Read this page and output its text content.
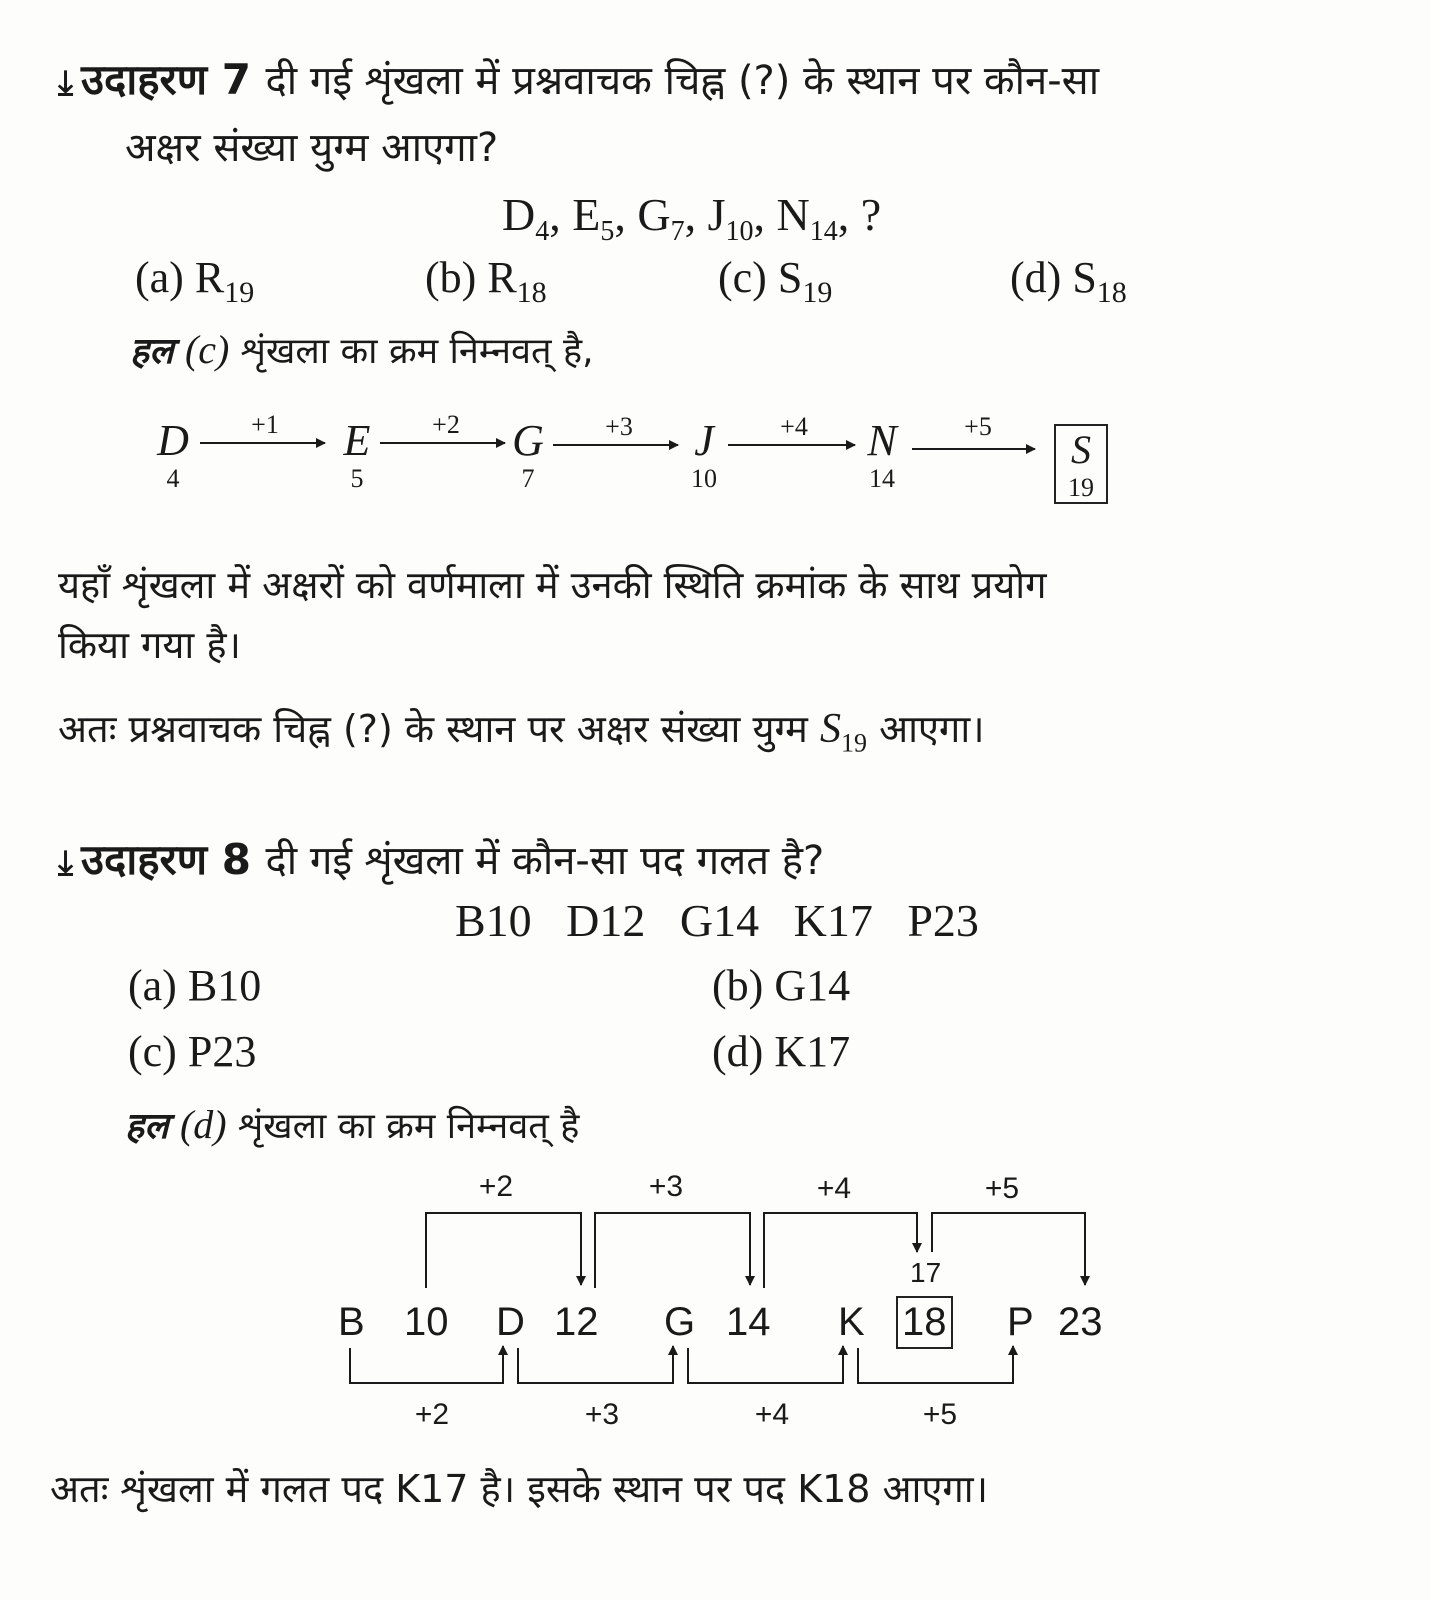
⤓ उदाहरण 7 दी गई शृंखला में प्रश्नवाचक चिह्न (?) के स्थान पर कौन-सा
अक्षर संख्या युग्म आएगा?
$D_4$, $E_5$, $G_7$, $J_{10}$, $N_{14}$, ?
(a) $R_{19}$	(b) $R_{18}$	(c) $S_{19}$	(d) $S_{18}$
हल (c) शृंखला का क्रम निम्नवत् है,
D
4
E
5
G
7
J
10
N
14
S
19
+1	+2	+3	+4	+5
यहाँ शृंखला में अक्षरों को वर्णमाला में उनकी स्थिति क्रमांक के साथ प्रयोग
किया गया है।
अतः प्रश्नवाचक चिह्न (?) के स्थान पर अक्षर संख्या युग्म $S_{19}$ आएगा।
⤓ उदाहरण 8 दी गई शृंखला में कौन-सा पद गलत है?
B10   D12   G14   K17   P23
(a) B10	(b) G14
(c) P23	(d) K17
हल (d) शृंखला का क्रम निम्नवत् है
B 10 D 12 G 14 K 18 P 23
17
+2	+3	+4	+5
+2	+3	+4	+5
अतः शृंखला में गलत पद K17 है। इसके स्थान पर पद K18 आएगा।
